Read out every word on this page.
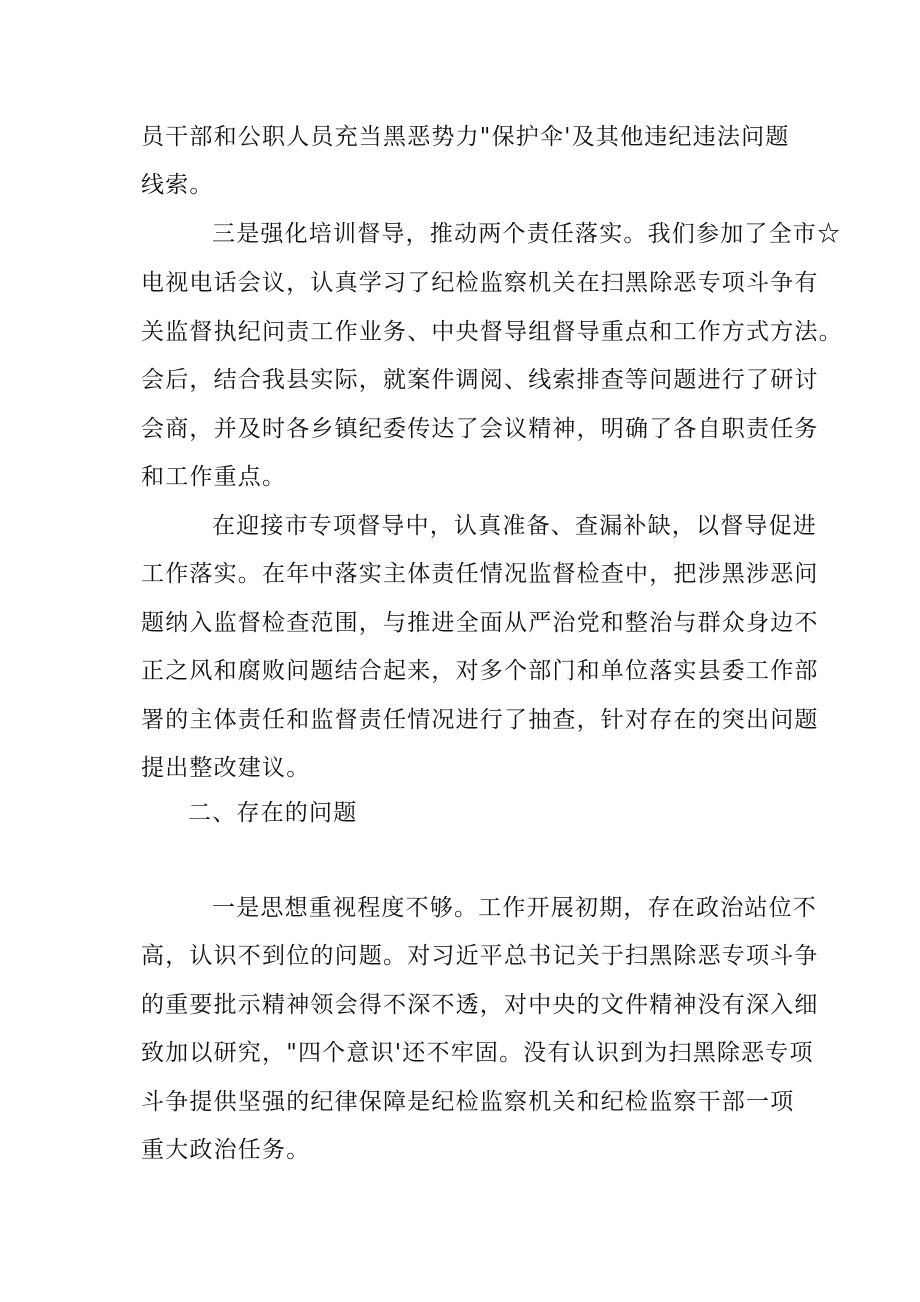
员干部和公职人员充当黑恶势力"保护伞'及其他违纪违法问题

线索。

三是强化培训督导，推动两个责任落实。我们参加了全市☆

电视电话会议，认真学习了纪检监察机关在扫黑除恶专项斗争有

关监督执纪问责工作业务、中央督导组督导重点和工作方式方法。

会后，结合我县实际，就案件调阅、线索排查等问题进行了研讨

会商，并及时各乡镇纪委传达了会议精神，明确了各自职责任务

和工作重点。

在迎接市专项督导中，认真准备、查漏补缺，以督导促进

工作落实。在年中落实主体责任情况监督检查中，把涉黑涉恶问

题纳入监督检查范围，与推进全面从严治党和整治与群众身边不

正之风和腐败问题结合起来，对多个部门和单位落实县委工作部

署的主体责任和监督责任情况进行了抽查，针对存在的突出问题

提出整改建议。

二、存在的问题

一是思想重视程度不够。工作开展初期，存在政治站位不

高，认识不到位的问题。对习近平总书记关于扫黑除恶专项斗争

的重要批示精神领会得不深不透，对中央的文件精神没有深入细

致加以研究，"四个意识'还不牢固。没有认识到为扫黑除恶专项

斗争提供坚强的纪律保障是纪检监察机关和纪检监察干部一项

重大政治任务。
